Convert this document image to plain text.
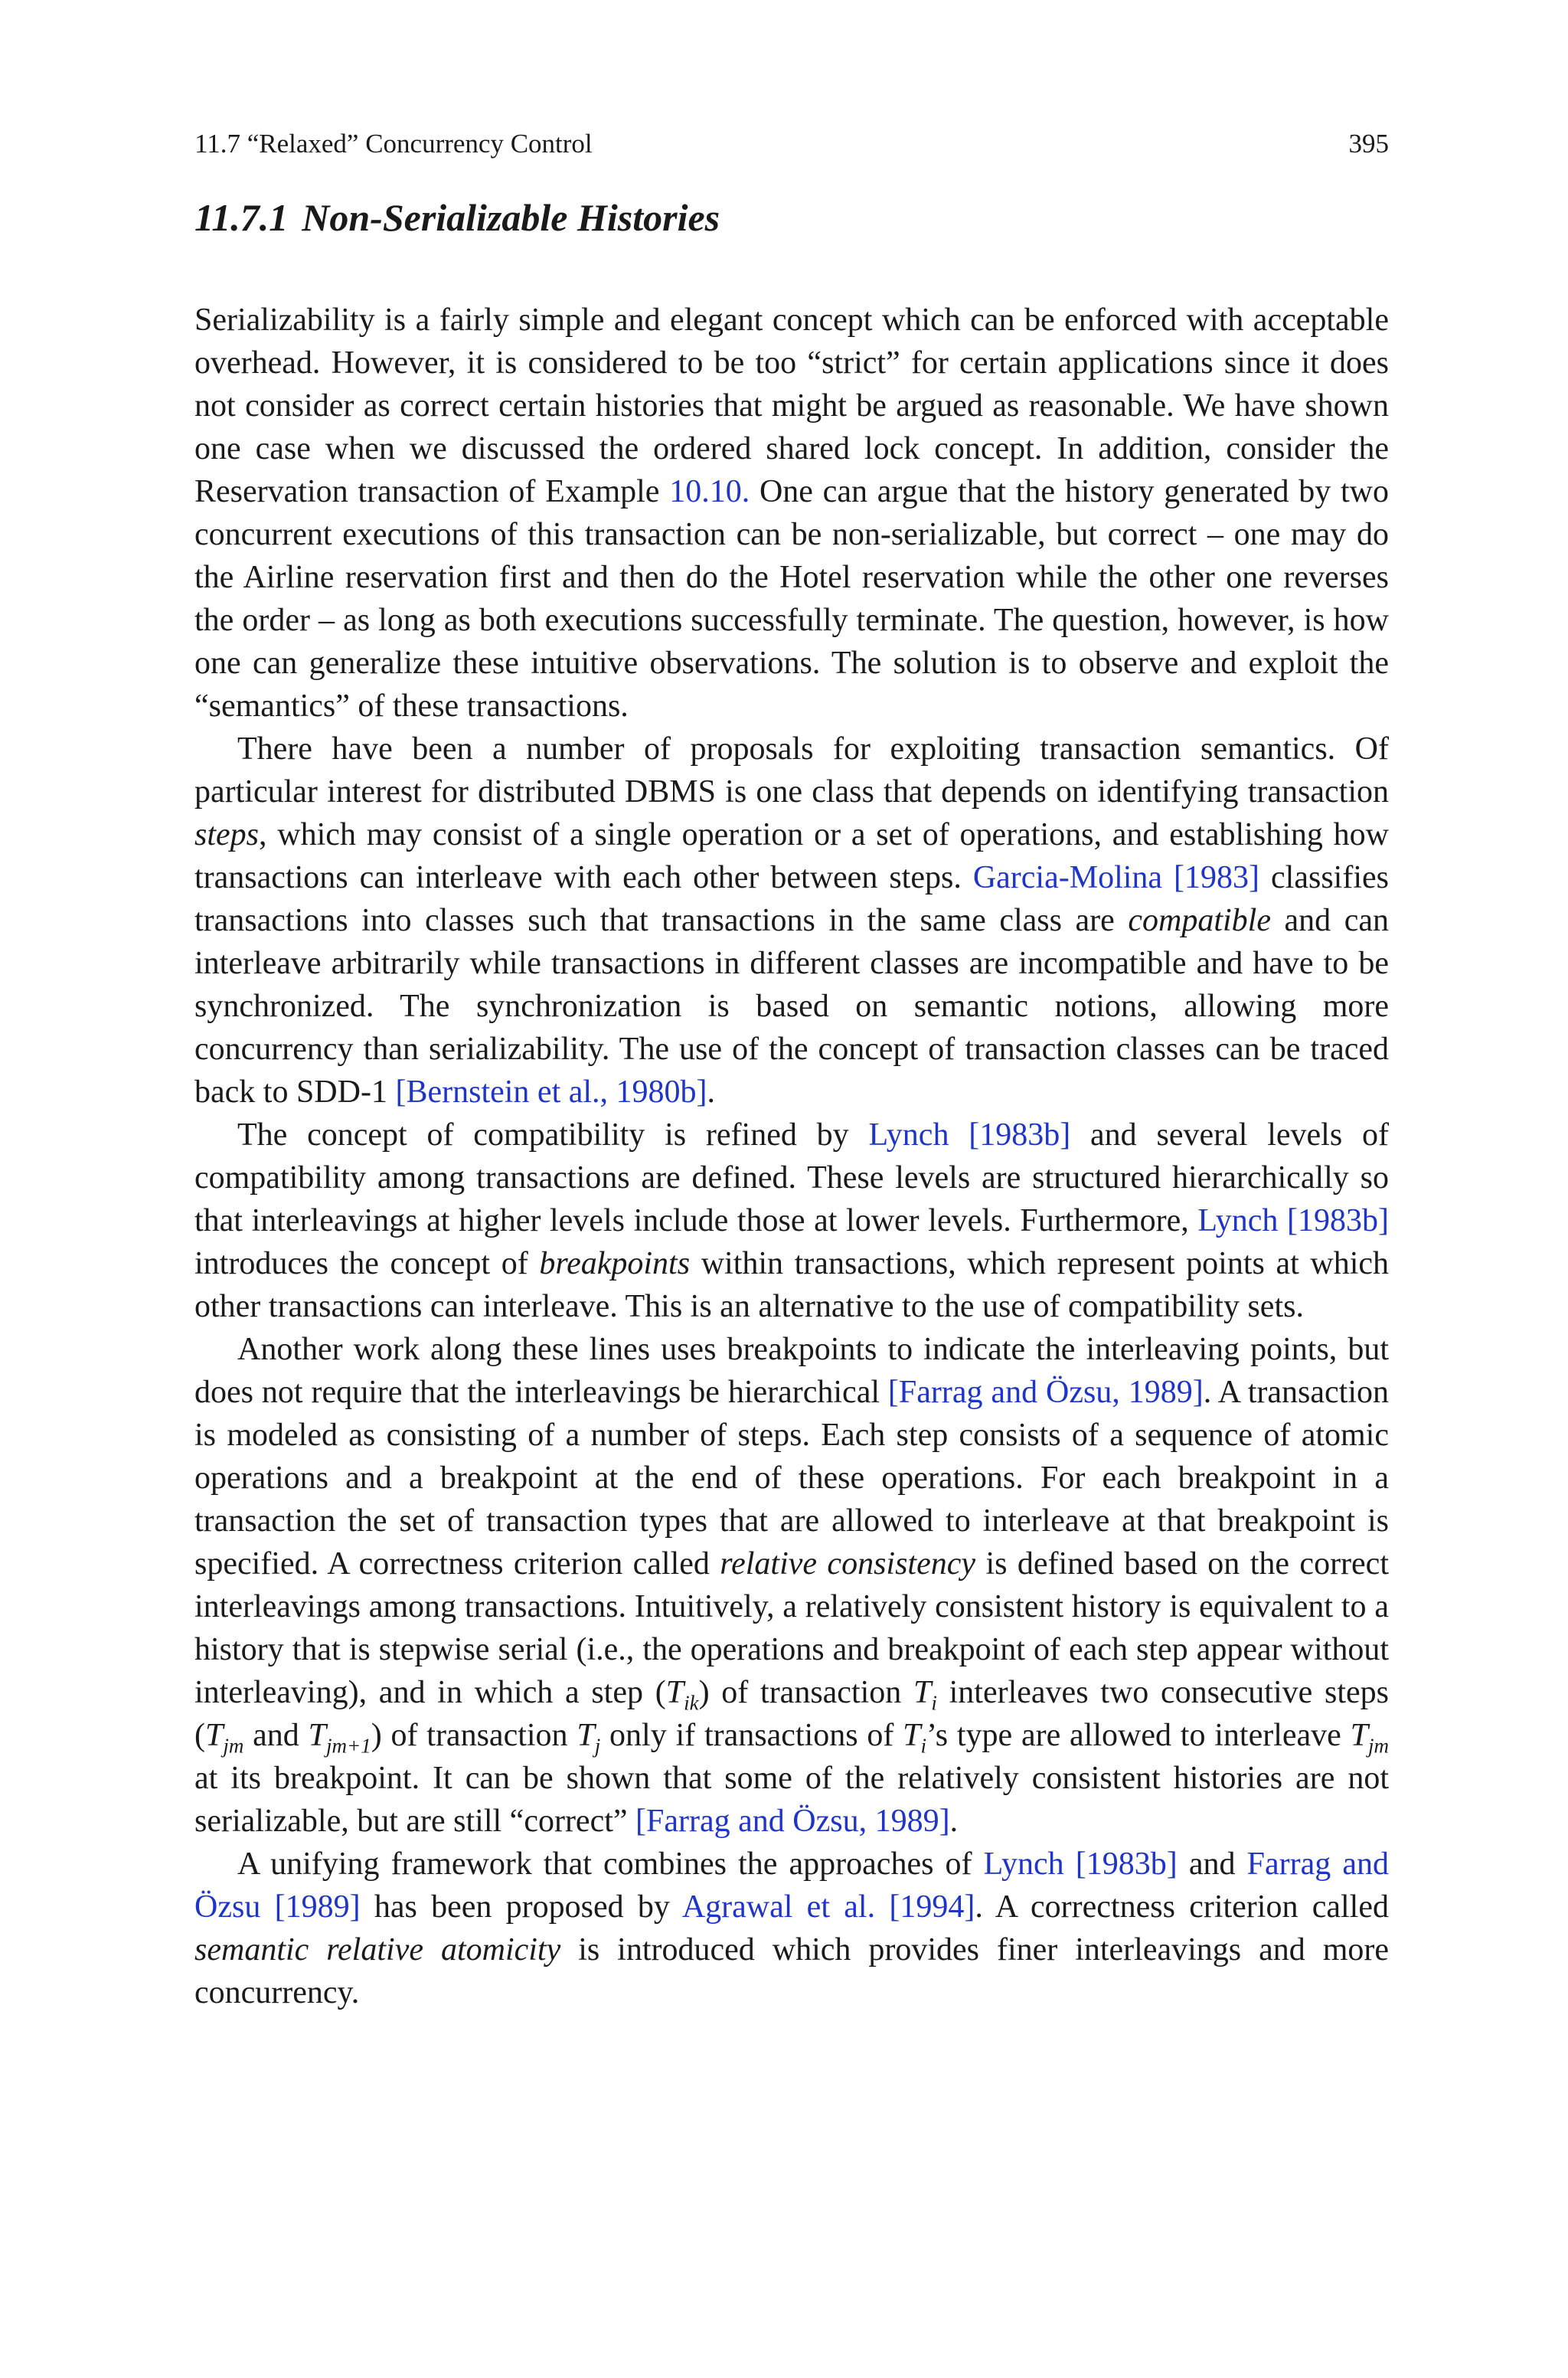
11.7 “Relaxed” Concurrency Control	395
11.7.1 Non-Serializable Histories

Serializability is a fairly simple and elegant concept which can be enforced with acceptable overhead. However, it is considered to be too “strict” for certain applications since it does not consider as correct certain histories that might be argued as reasonable. We have shown one case when we discussed the ordered shared lock concept. In addition, consider the Reservation transaction of Example 10.10. One can argue that the history generated by two concurrent executions of this transaction can be non-serializable, but correct – one may do the Airline reservation first and then do the Hotel reservation while the other one reverses the order – as long as both executions successfully terminate. The question, however, is how one can generalize these intuitive observations. The solution is to observe and exploit the “semantics” of these transactions.

There have been a number of proposals for exploiting transaction semantics. Of particular interest for distributed DBMS is one class that depends on identifying transaction steps, which may consist of a single operation or a set of operations, and establishing how transactions can interleave with each other between steps. Garcia-Molina [1983] classifies transactions into classes such that transactions in the same class are compatible and can interleave arbitrarily while transactions in different classes are incompatible and have to be synchronized. The synchronization is based on semantic notions, allowing more concurrency than serializability. The use of the concept of transaction classes can be traced back to SDD-1 [Bernstein et al., 1980b].

The concept of compatibility is refined by Lynch [1983b] and several levels of compatibility among transactions are defined. These levels are structured hierarchically so that interleavings at higher levels include those at lower levels. Furthermore, Lynch [1983b] introduces the concept of breakpoints within transactions, which represent points at which other transactions can interleave. This is an alternative to the use of compatibility sets.

Another work along these lines uses breakpoints to indicate the interleaving points, but does not require that the interleavings be hierarchical [Farrag and Özsu, 1989]. A transaction is modeled as consisting of a number of steps. Each step consists of a sequence of atomic operations and a breakpoint at the end of these operations. For each breakpoint in a transaction the set of transaction types that are allowed to interleave at that breakpoint is specified. A correctness criterion called relative consistency is defined based on the correct interleavings among transactions. Intuitively, a relatively consistent history is equivalent to a history that is stepwise serial (i.e., the operations and breakpoint of each step appear without interleaving), and in which a step $(T_{ik})$ of transaction $T_i$ interleaves two consecutive steps ($T_{jm}$ and $T_{jm+1}$) of transaction $T_j$ only if transactions of $T_i’s$ type are allowed to interleave $T_{jm}$ at its breakpoint. It can be shown that some of the relatively consistent histories are not serializable, but are still “correct” [Farrag and Özsu, 1989].

A unifying framework that combines the approaches of Lynch [1983b] and Farrag and Özsu [1989] has been proposed by Agrawal et al. [1994]. A correctness criterion called semantic relative atomicity is introduced which provides finer interleavings and more concurrency.
